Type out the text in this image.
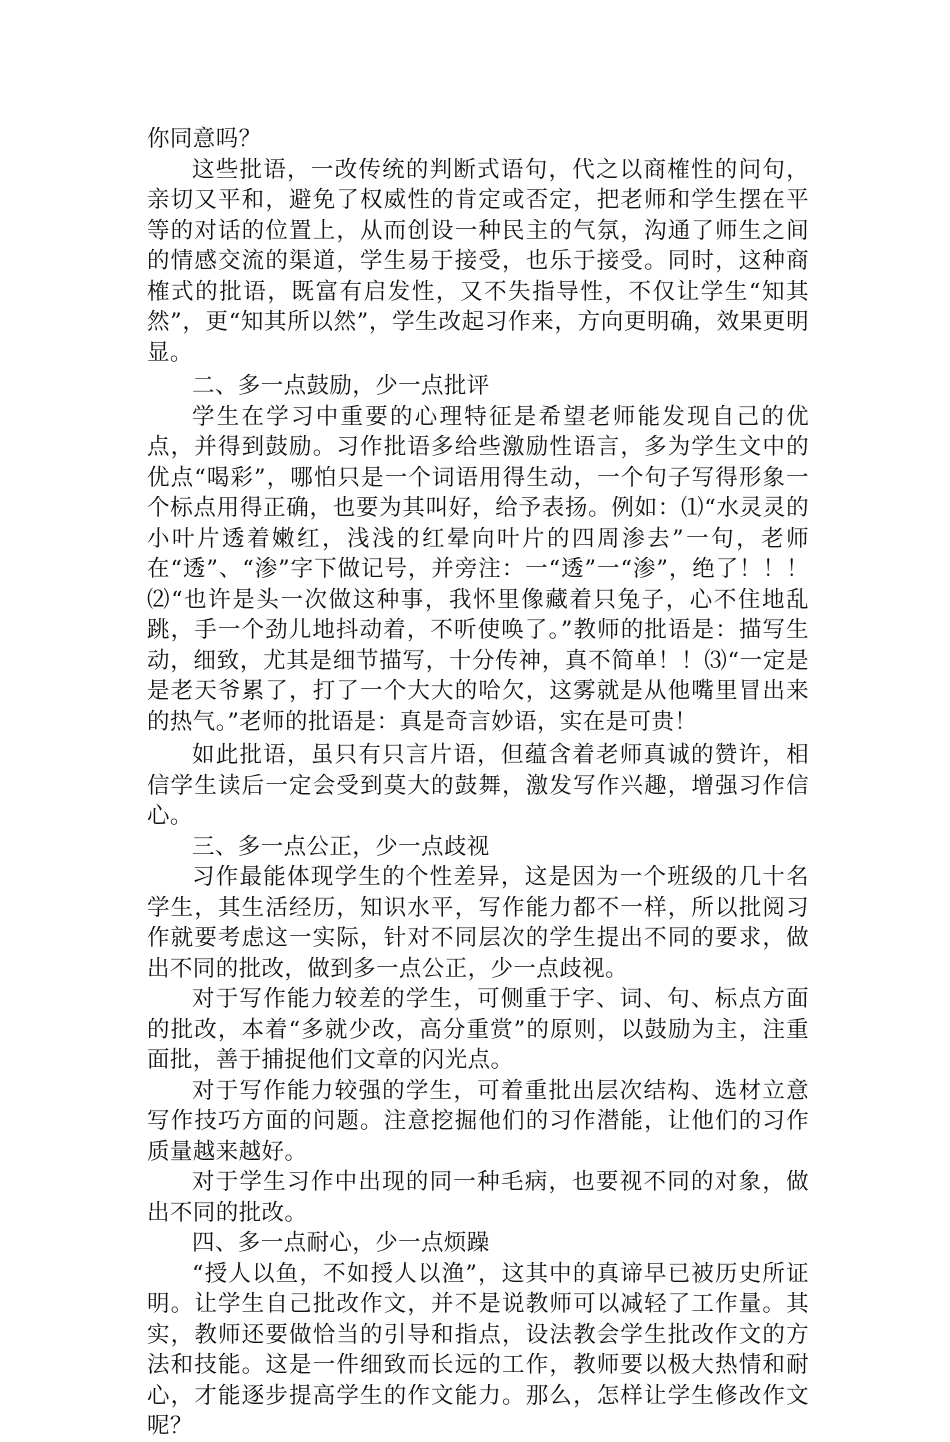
你同意吗？

这些批语，一改传统的判断式语句，代之以商榷性的问句，亲切又平和，避免了权威性的肯定或否定，把老师和学生摆在平等的对话的位置上，从而创设一种民主的气氛，沟通了师生之间的情感交流的渠道，学生易于接受，也乐于接受。同时，这种商榷式的批语，既富有启发性，又不失指导性，不仅让学生“知其然”，更“知其所以然”，学生改起习作来，方向更明确，效果更明显。

二、多一点鼓励，少一点批评

学生在学习中重要的心理特征是希望老师能发现自己的优点，并得到鼓励。习作批语多给些激励性语言，多为学生文中的优点“喝彩”，哪怕只是一个词语用得生动，一个句子写得形象一个标点用得正确，也要为其叫好，给予表扬。例如：⑴“水灵灵的小叶片透着嫩红，浅浅的红晕向叶片的四周渗去”一句，老师在“透”、“渗”字下做记号，并旁注：一“透”一“渗”，绝了！！！⑵“也许是头一次做这种事，我怀里像藏着只兔子，心不住地乱跳，手一个劲儿地抖动着，不听使唤了。”教师的批语是：描写生动，细致，尤其是细节描写，十分传神，真不简单！！⑶“一定是是老天爷累了，打了一个大大的哈欠，这雾就是从他嘴里冒出来的热气。”老师的批语是：真是奇言妙语，实在是可贵！

如此批语，虽只有只言片语，但蕴含着老师真诚的赞许，相信学生读后一定会受到莫大的鼓舞，激发写作兴趣，增强习作信心。

三、多一点公正，少一点歧视

习作最能体现学生的个性差异，这是因为一个班级的几十名学生，其生活经历，知识水平，写作能力都不一样，所以批阅习作就要考虑这一实际，针对不同层次的学生提出不同的要求，做出不同的批改，做到多一点公正，少一点歧视。

对于写作能力较差的学生，可侧重于字、词、句、标点方面的批改，本着“多就少改，高分重赏”的原则，以鼓励为主，注重面批，善于捕捉他们文章的闪光点。

对于写作能力较强的学生，可着重批出层次结构、选材立意写作技巧方面的问题。注意挖掘他们的习作潜能，让他们的习作质量越来越好。

对于学生习作中出现的同一种毛病，也要视不同的对象，做出不同的批改。

四、多一点耐心，少一点烦躁

“授人以鱼，不如授人以渔”，这其中的真谛早已被历史所证明。让学生自己批改作文，并不是说教师可以减轻了工作量。其实，教师还要做恰当的引导和指点，设法教会学生批改作文的方法和技能。这是一件细致而长远的工作，教师要以极大热情和耐心，才能逐步提高学生的作文能力。那么，怎样让学生修改作文呢？
